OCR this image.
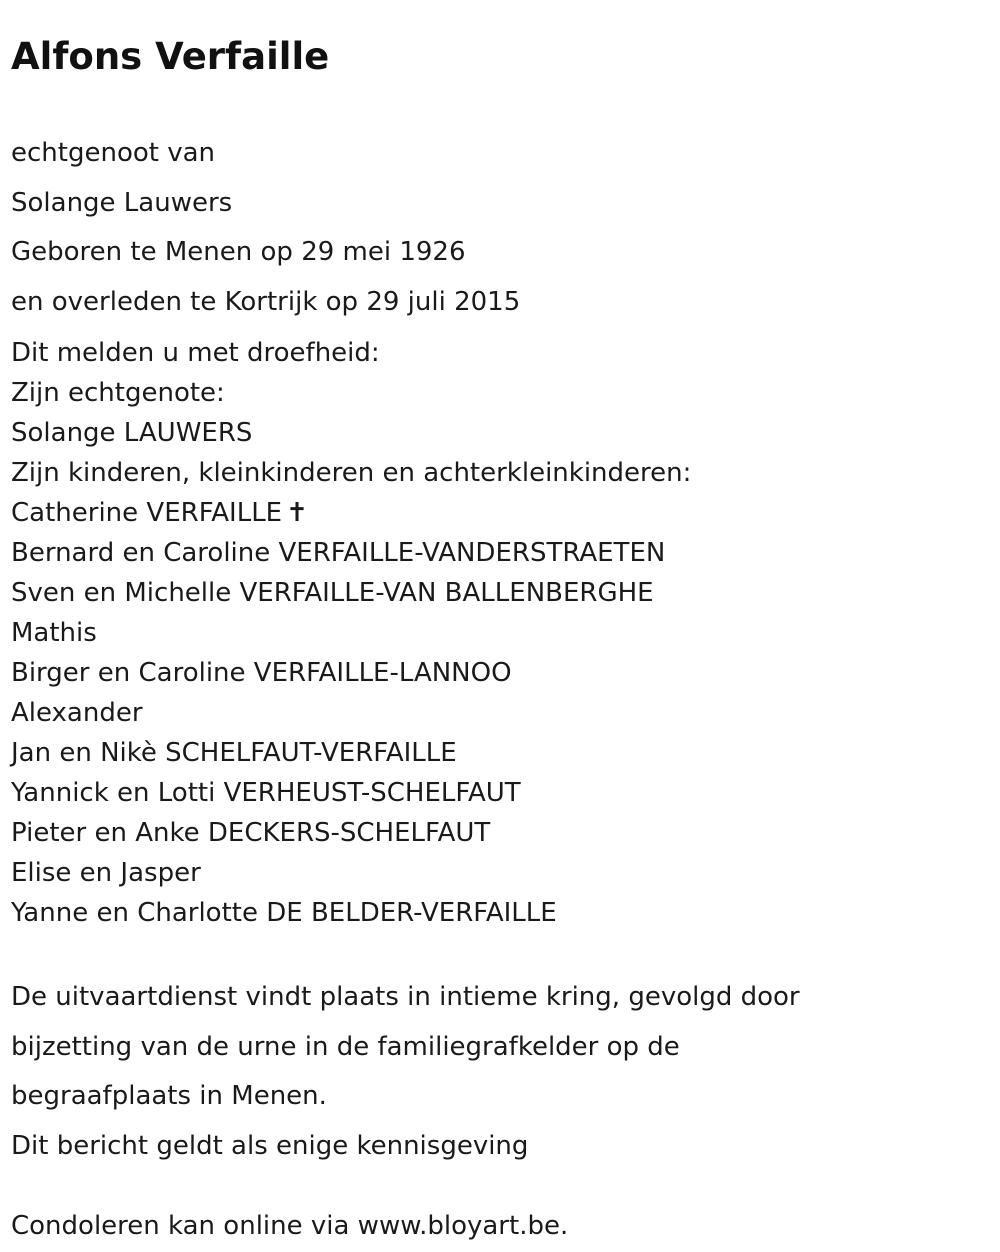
Alfons Verfaille
echtgenoot van
Solange Lauwers
Geboren te Menen op 29 mei 1926
en overleden te Kortrijk op 29 juli 2015
Dit melden u met droefheid:
Zijn echtgenote:
Solange LAUWERS
Zijn kinderen, kleinkinderen en achterkleinkinderen:
Catherine VERFAILLE ✝
Bernard en Caroline VERFAILLE-VANDERSTRAETEN
Sven en Michelle VERFAILLE-VAN BALLENBERGHE
Mathis
Birger en Caroline VERFAILLE-LANNOO
Alexander
Jan en Nikè SCHELFAUT-VERFAILLE
Yannick en Lotti VERHEUST-SCHELFAUT
Pieter en Anke DECKERS-SCHELFAUT
Elise en Jasper
Yanne en Charlotte DE BELDER-VERFAILLE
De uitvaartdienst vindt plaats in intieme kring, gevolgd door
bijzetting van de urne in de familiegrafkelder op de
begraafplaats in Menen.
Dit bericht geldt als enige kennisgeving
Condoleren kan online via www.bloyart.be.
